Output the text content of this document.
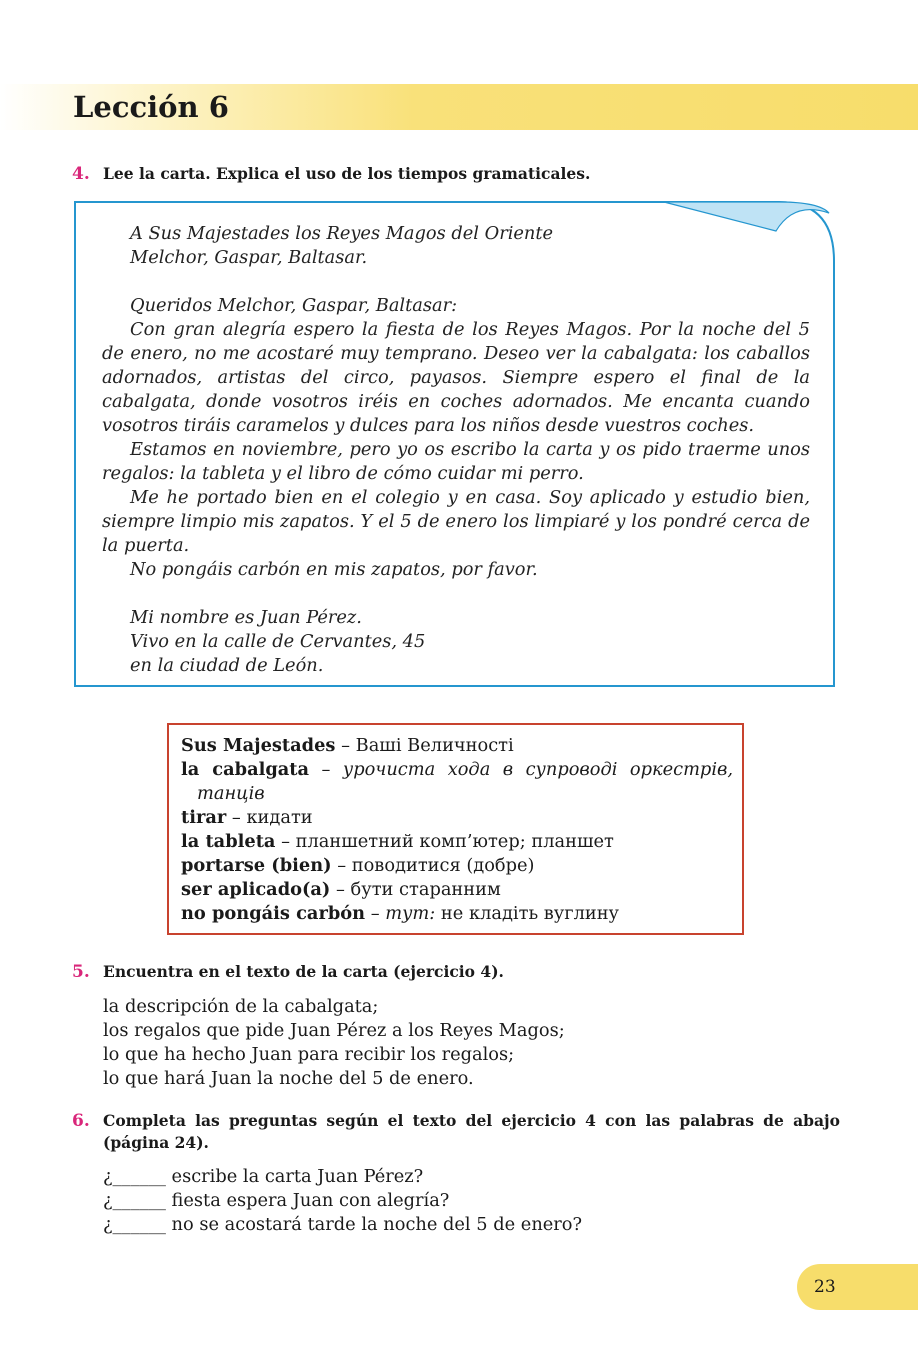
Lección 6
4. Lee la carta. Explica el uso de los tiempos gramaticales.

A Sus Majestades los Reyes Magos del Oriente

Melchor, Gaspar, Baltasar.

Queridos Melchor, Gaspar, Baltasar:

Con gran alegría espero la fiesta de los Reyes Magos. Por la noche del 5 de enero, no me acostaré muy temprano. Deseo ver la cabalgata: los caballos adornados, artistas del circo, payasos. Siempre espero el final de la cabalgata, donde vosotros iréis en coches adornados. Me encanta cuando vosotros tiráis caramelos y dulces para los niños desde vuestros coches.

Estamos en noviembre, pero yo os escribo la carta y os pido traerme unos regalos: la tableta y el libro de cómo cuidar mi perro.

Me he portado bien en el colegio y en casa. Soy aplicado y estudio bien, siempre limpio mis zapatos. Y el 5 de enero los limpiaré y los pondré cerca de la puerta.

No pongáis carbón en mis zapatos, por favor.

Mi nombre es Juan Pérez.

Vivo en la calle de Cervantes, 45

en la ciudad de León.

Sus Majestades – Ваші Величності
la cabalgata – урочиста хода в супроводі оркестрів,
танців
tirar – кидати
la tableta – планшетний комп’ютер; планшет
portarse (bien) – поводитися (добре)
ser aplicado(a) – бути старанним
no pongáis carbón – тут: не кладіть вуглину
5. Encuentra en el texto de la carta (ejercicio 4).
la descripción de la cabalgata;
los regalos que pide Juan Pérez a los Reyes Magos;
lo que ha hecho Juan para recibir los regalos;
lo que hará Juan la noche del 5 de enero.
6. Completa las preguntas según el texto del ejercicio 4 con las palabras de abajo (página 24).
¿______ escribe la carta Juan Pérez?
¿______ fiesta espera Juan con alegría?
¿______ no se acostará tarde la noche del 5 de enero?
23
